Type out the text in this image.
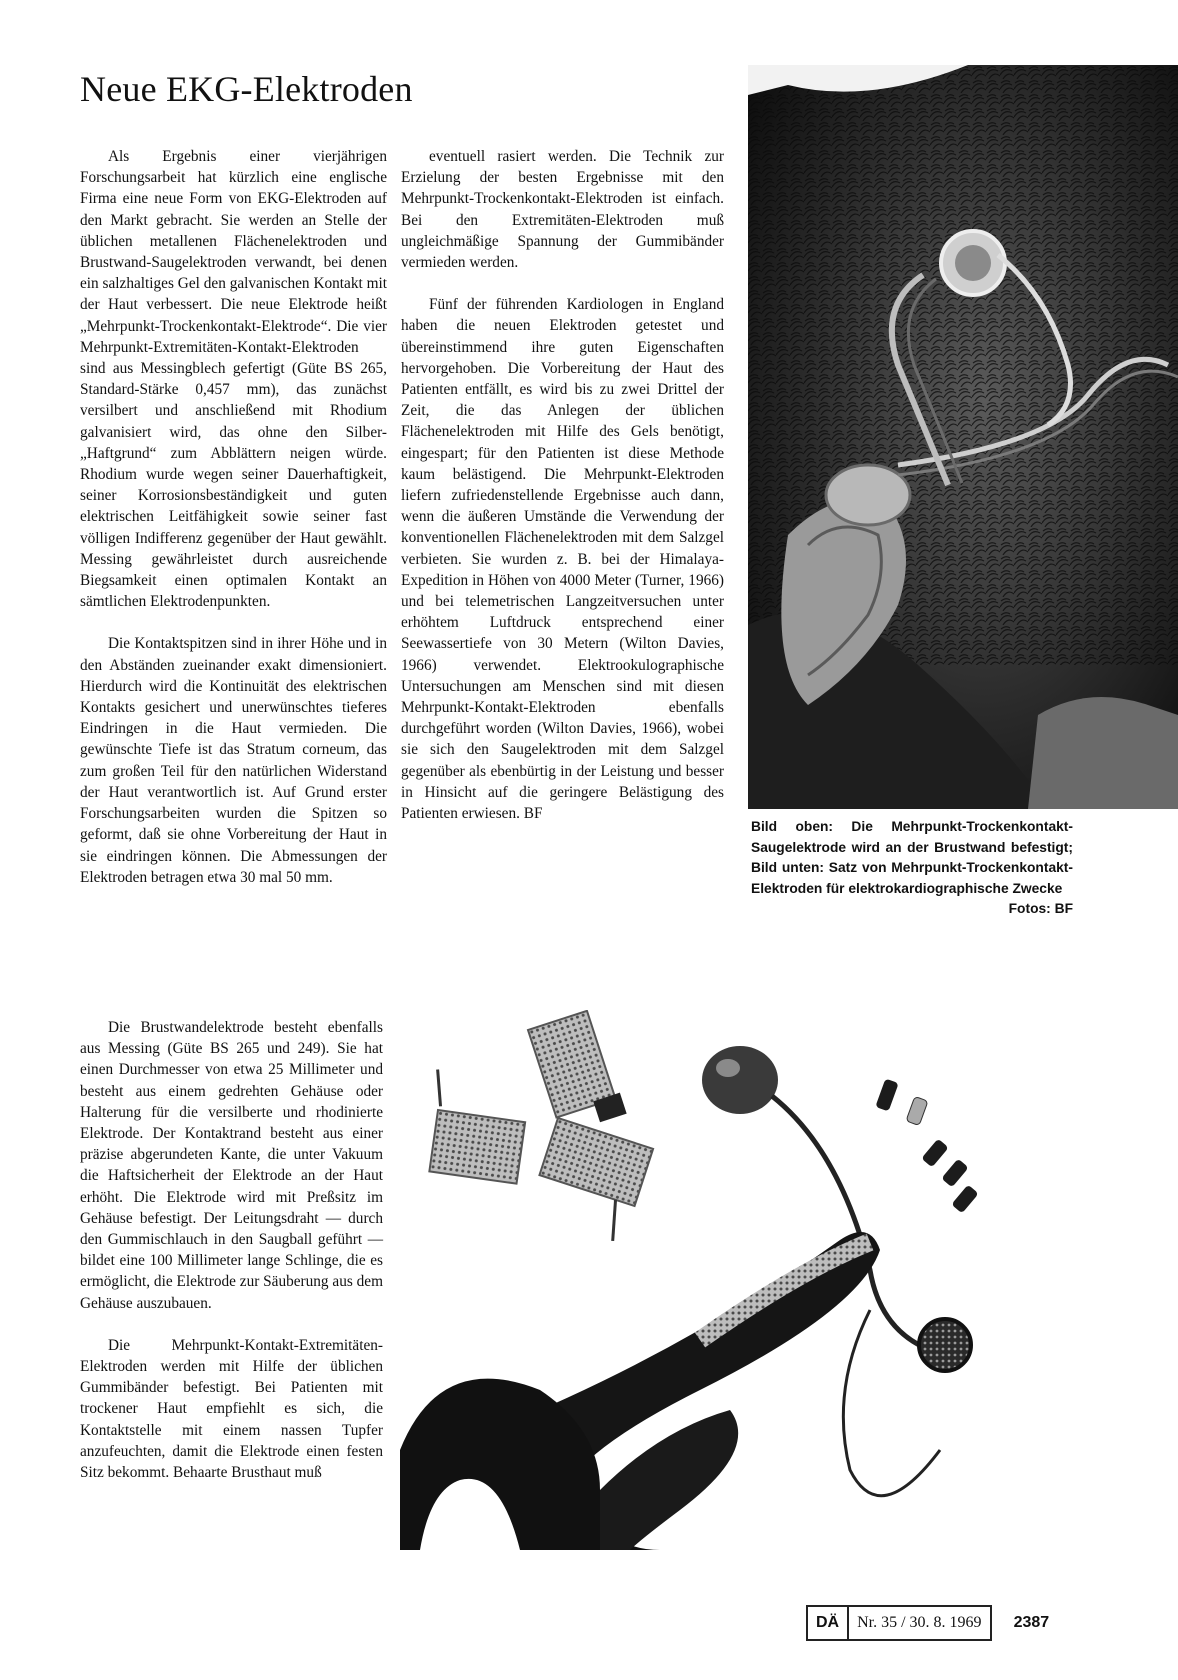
Neue EKG-Elektroden

Als Ergebnis einer vierjährigen Forschungsarbeit hat kürzlich eine englische Firma eine neue Form von EKG-Elektroden auf den Markt gebracht. Sie werden an Stelle der üblichen metallenen Flächenelektroden und Brustwand-Saugelektroden verwandt, bei denen ein salzhaltiges Gel den galvanischen Kontakt mit der Haut verbessert. Die neue Elektrode heißt „Mehrpunkt-Trockenkontakt-Elektrode“. Die vier Mehrpunkt-Extremitäten-Kontakt-Elektroden sind aus Messingblech gefertigt (Güte BS 265, Standard-Stärke 0,457 mm), das zunächst versilbert und anschließend mit Rhodium galvanisiert wird, das ohne den Silber-„Haftgrund“ zum Abblättern neigen würde. Rhodium wurde wegen seiner Dauerhaftigkeit, seiner Korrosionsbeständigkeit und guten elektrischen Leitfähigkeit sowie seiner fast völligen Indifferenz gegenüber der Haut gewählt. Messing gewährleistet durch ausreichende Biegsamkeit einen optimalen Kontakt an sämtlichen Elektrodenpunkten.

Die Kontaktspitzen sind in ihrer Höhe und in den Abständen zueinander exakt dimensioniert. Hierdurch wird die Kontinuität des elektrischen Kontakts gesichert und unerwünschtes tieferes Eindringen in die Haut vermieden. Die gewünschte Tiefe ist das Stratum corneum, das zum großen Teil für den natürlichen Widerstand der Haut verantwortlich ist. Auf Grund erster Forschungsarbeiten wurden die Spitzen so geformt, daß sie ohne Vorbereitung der Haut in sie eindringen können. Die Abmessungen der Elektroden betragen etwa 30 mal 50 mm.

eventuell rasiert werden. Die Technik zur Erzielung der besten Ergebnisse mit den Mehrpunkt-Trockenkontakt-Elektroden ist einfach. Bei den Extremitäten-Elektroden muß ungleichmäßige Spannung der Gummibänder vermieden werden.

Fünf der führenden Kardiologen in England haben die neuen Elektroden getestet und übereinstimmend ihre guten Eigenschaften hervorgehoben. Die Vorbereitung der Haut des Patienten entfällt, es wird bis zu zwei Drittel der Zeit, die das Anlegen der üblichen Flächenelektroden mit Hilfe des Gels benötigt, eingespart; für den Patienten ist diese Methode kaum belästigend. Die Mehrpunkt-Elektroden liefern zufriedenstellende Ergebnisse auch dann, wenn die äußeren Umstände die Verwendung der konventionellen Flächenelektroden mit dem Salzgel verbieten. Sie wurden z. B. bei der Himalaya-Expedition in Höhen von 4000 Meter (Turner, 1966) und bei telemetrischen Langzeitversuchen unter erhöhtem Luftdruck entsprechend einer Seewassertiefe von 30 Metern (Wilton Davies, 1966) verwendet. Elektrookulographische Untersuchungen am Menschen sind mit diesen Mehrpunkt-Kontakt-Elektroden ebenfalls durchgeführt worden (Wilton Davies, 1966), wobei sie sich den Saugelektroden mit dem Salzgel gegenüber als ebenbürtig in der Leistung und besser in Hinsicht auf die geringere Belästigung des Patienten erwiesen. BF

Die Brustwandelektrode besteht ebenfalls aus Messing (Güte BS 265 und 249). Sie hat einen Durchmesser von etwa 25 Millimeter und besteht aus einem gedrehten Gehäuse oder Halterung für die versilberte und rhodinierte Elektrode. Der Kontaktrand besteht aus einer präzise abgerundeten Kante, die unter Vakuum die Haftsicherheit der Elektrode an der Haut erhöht. Die Elektrode wird mit Preßsitz im Gehäuse befestigt. Der Leitungsdraht — durch den Gummischlauch in den Saugball geführt — bildet eine 100 Millimeter lange Schlinge, die es ermöglicht, die Elektrode zur Säuberung aus dem Gehäuse auszubauen.

Die Mehrpunkt-Kontakt-Extremitäten-Elektroden werden mit Hilfe der üblichen Gummibänder befestigt. Bei Patienten mit trockener Haut empfiehlt es sich, die Kontaktstelle mit einem nassen Tupfer anzufeuchten, damit die Elektrode einen festen Sitz bekommt. Behaarte Brusthaut muß

Bild oben: Die Mehrpunkt-Trockenkontakt-Saugelektrode wird an der Brustwand befestigt; Bild unten: Satz von Mehrpunkt-Trockenkontakt-Elektroden für elektrokardiographische Zwecke
Fotos: BF
DÄ	Nr. 35 / 30. 8. 1969	2387
